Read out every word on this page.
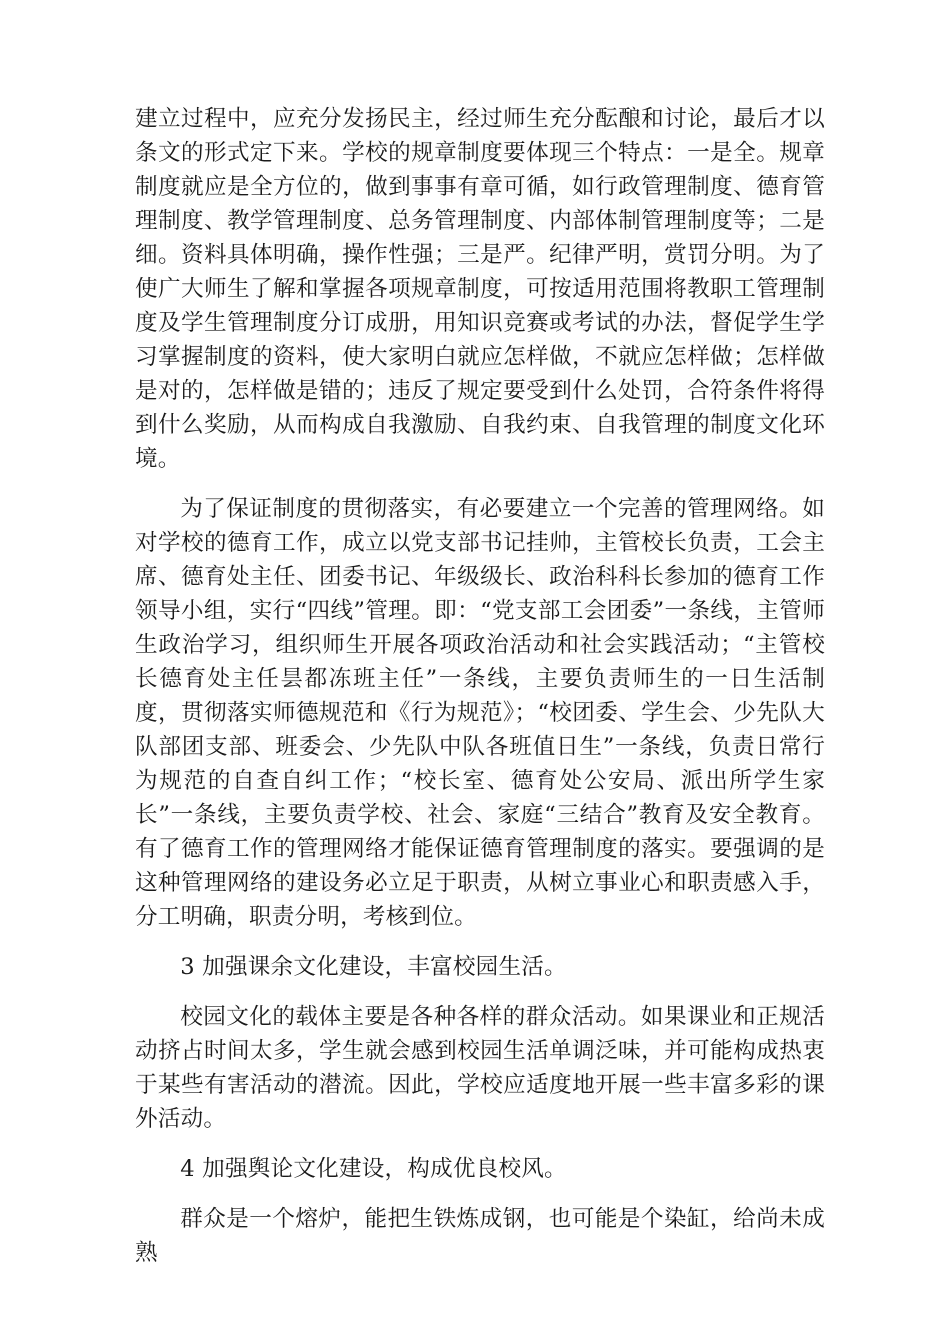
建立过程中，应充分发扬民主，经过师生充分酝酿和讨论，最后才以条文的形式定下来。学校的规章制度要体现三个特点：一是全。规章制度就应是全方位的，做到事事有章可循，如行政管理制度、德育管理制度、教学管理制度、总务管理制度、内部体制管理制度等；二是细。资料具体明确，操作性强；三是严。纪律严明，赏罚分明。为了使广大师生了解和掌握各项规章制度，可按适用范围将教职工管理制度及学生管理制度分订成册，用知识竞赛或考试的办法，督促学生学习掌握制度的资料，使大家明白就应怎样做，不就应怎样做；怎样做是对的，怎样做是错的；违反了规定要受到什么处罚，合符条件将得到什么奖励，从而构成自我激励、自我约束、自我管理的制度文化环境。

为了保证制度的贯彻落实，有必要建立一个完善的管理网络。如对学校的德育工作，成立以党支部书记挂帅，主管校长负责，工会主席、德育处主任、团委书记、年级级长、政治科科长参加的德育工作领导小组，实行“四线”管理。即：“党支部工会团委”一条线，主管师生政治学习，组织师生开展各项政治活动和社会实践活动；“主管校长德育处主任昙都冻班主任”一条线，主要负责师生的一日生活制度，贯彻落实师德规范和《行为规范》；“校团委、学生会、少先队大队部团支部、班委会、少先队中队各班值日生”一条线，负责日常行为规范的自查自纠工作；“校长室、德育处公安局、派出所学生家长”一条线，主要负责学校、社会、家庭“三结合”教育及安全教育。有了德育工作的管理网络才能保证德育管理制度的落实。要强调的是这种管理网络的建设务必立足于职责，从树立事业心和职责感入手，分工明确，职责分明，考核到位。

3 加强课余文化建设，丰富校园生活。

校园文化的载体主要是各种各样的群众活动。如果课业和正规活动挤占时间太多，学生就会感到校园生活单调泛味，并可能构成热衷于某些有害活动的潜流。因此，学校应适度地开展一些丰富多彩的课外活动。

4 加强舆论文化建设，构成优良校风。

群众是一个熔炉，能把生铁炼成钢，也可能是个染缸，给尚未成熟
